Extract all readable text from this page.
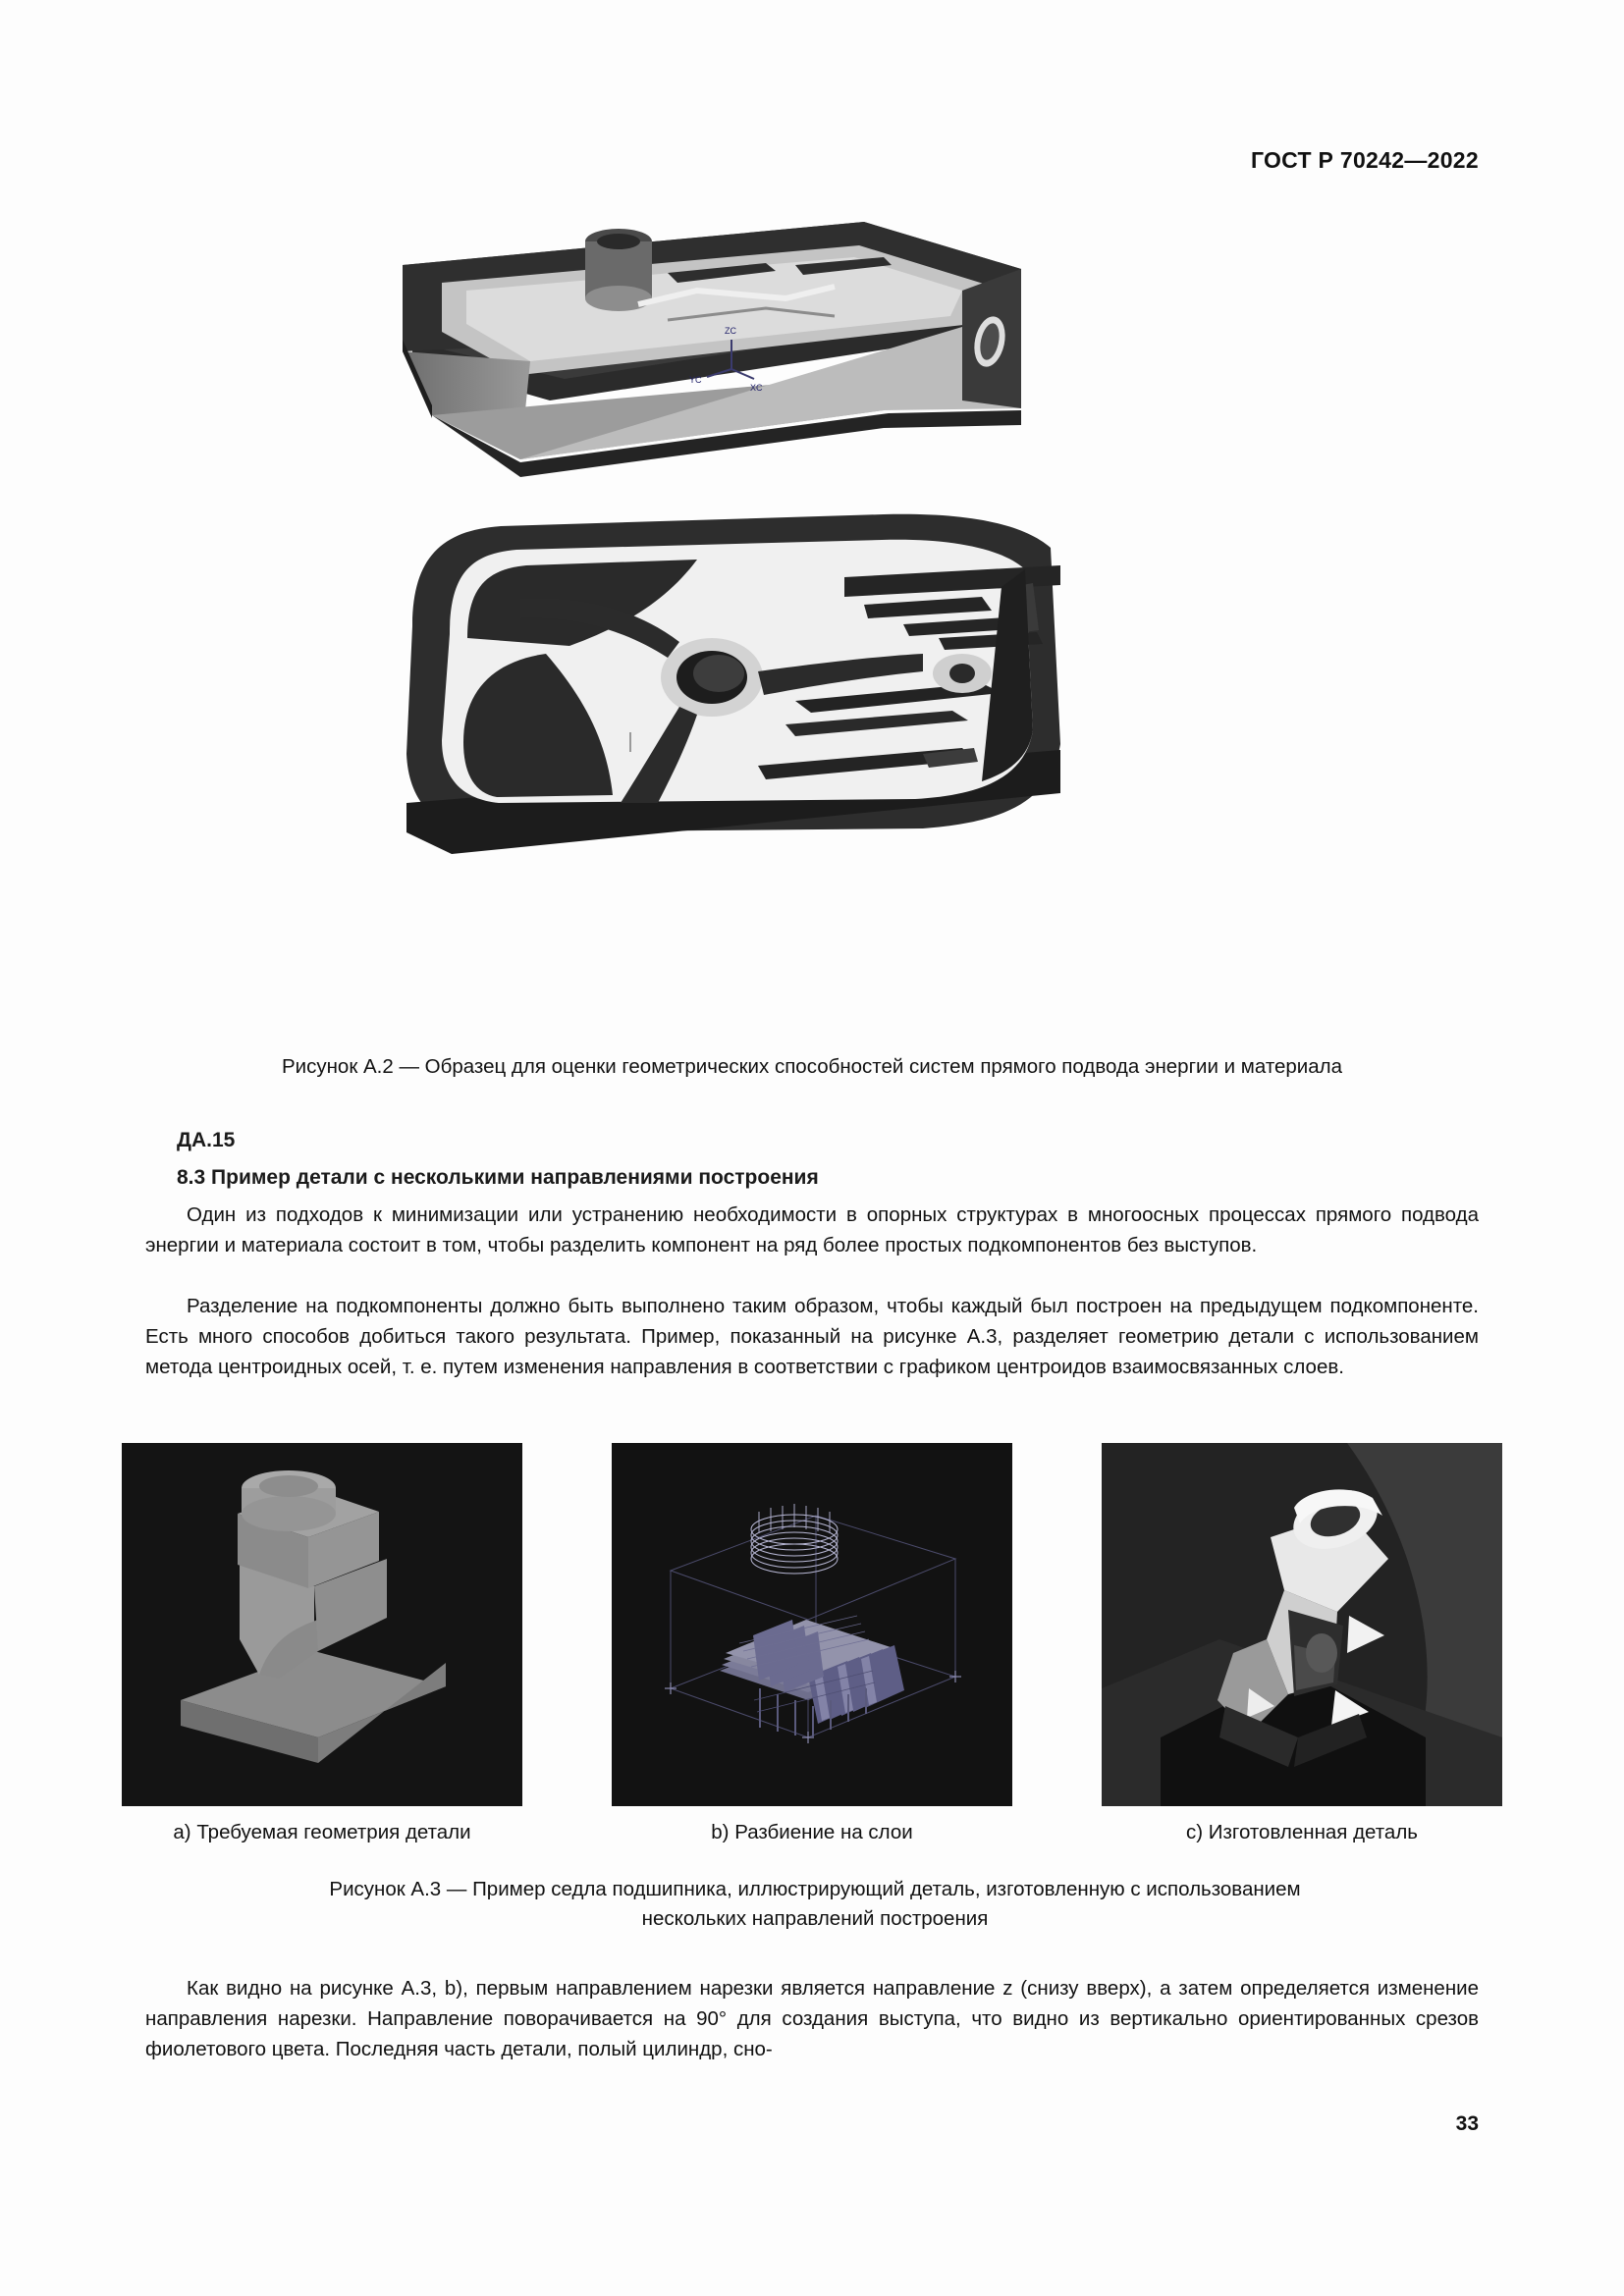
ГОСТ Р 70242—2022
ZC
YC
XC
Рисунок А.2 — Образец для оценки геометрических способностей систем прямого подвода энергии и материала
ДА.15
8.3 Пример детали с несколькими направлениями построения
Один из подходов к минимизации или устранению необходимости в опорных структурах в многоосных процессах прямого подвода энергии и материала состоит в том, чтобы разделить компонент на ряд более простых подкомпонентов без выступов.
Разделение на подкомпоненты должно быть выполнено таким образом, чтобы каждый был построен на предыдущем подкомпоненте. Есть много способов добиться такого результата. Пример, показанный на рисунке А.3, разделяет геометрию детали с использованием метода центроидных осей, т. е. путем изменения направления в соответствии с графиком центроидов взаимосвязанных слоев.
a) Требуемая геометрия детали	b) Разбиение на слои	c) Изготовленная деталь
Рисунок А.3 — Пример седла подшипника, иллюстрирующий деталь, изготовленную с использованием
нескольких направлений построения
Как видно на рисунке А.3, b), первым направлением нарезки является направление z (снизу вверх), а затем определяется изменение направления нарезки. Направление поворачивается на 90° для создания выступа, что видно из вертикально ориентированных срезов фиолетового цвета. Последняя часть детали, полый цилиндр, сно-
33
